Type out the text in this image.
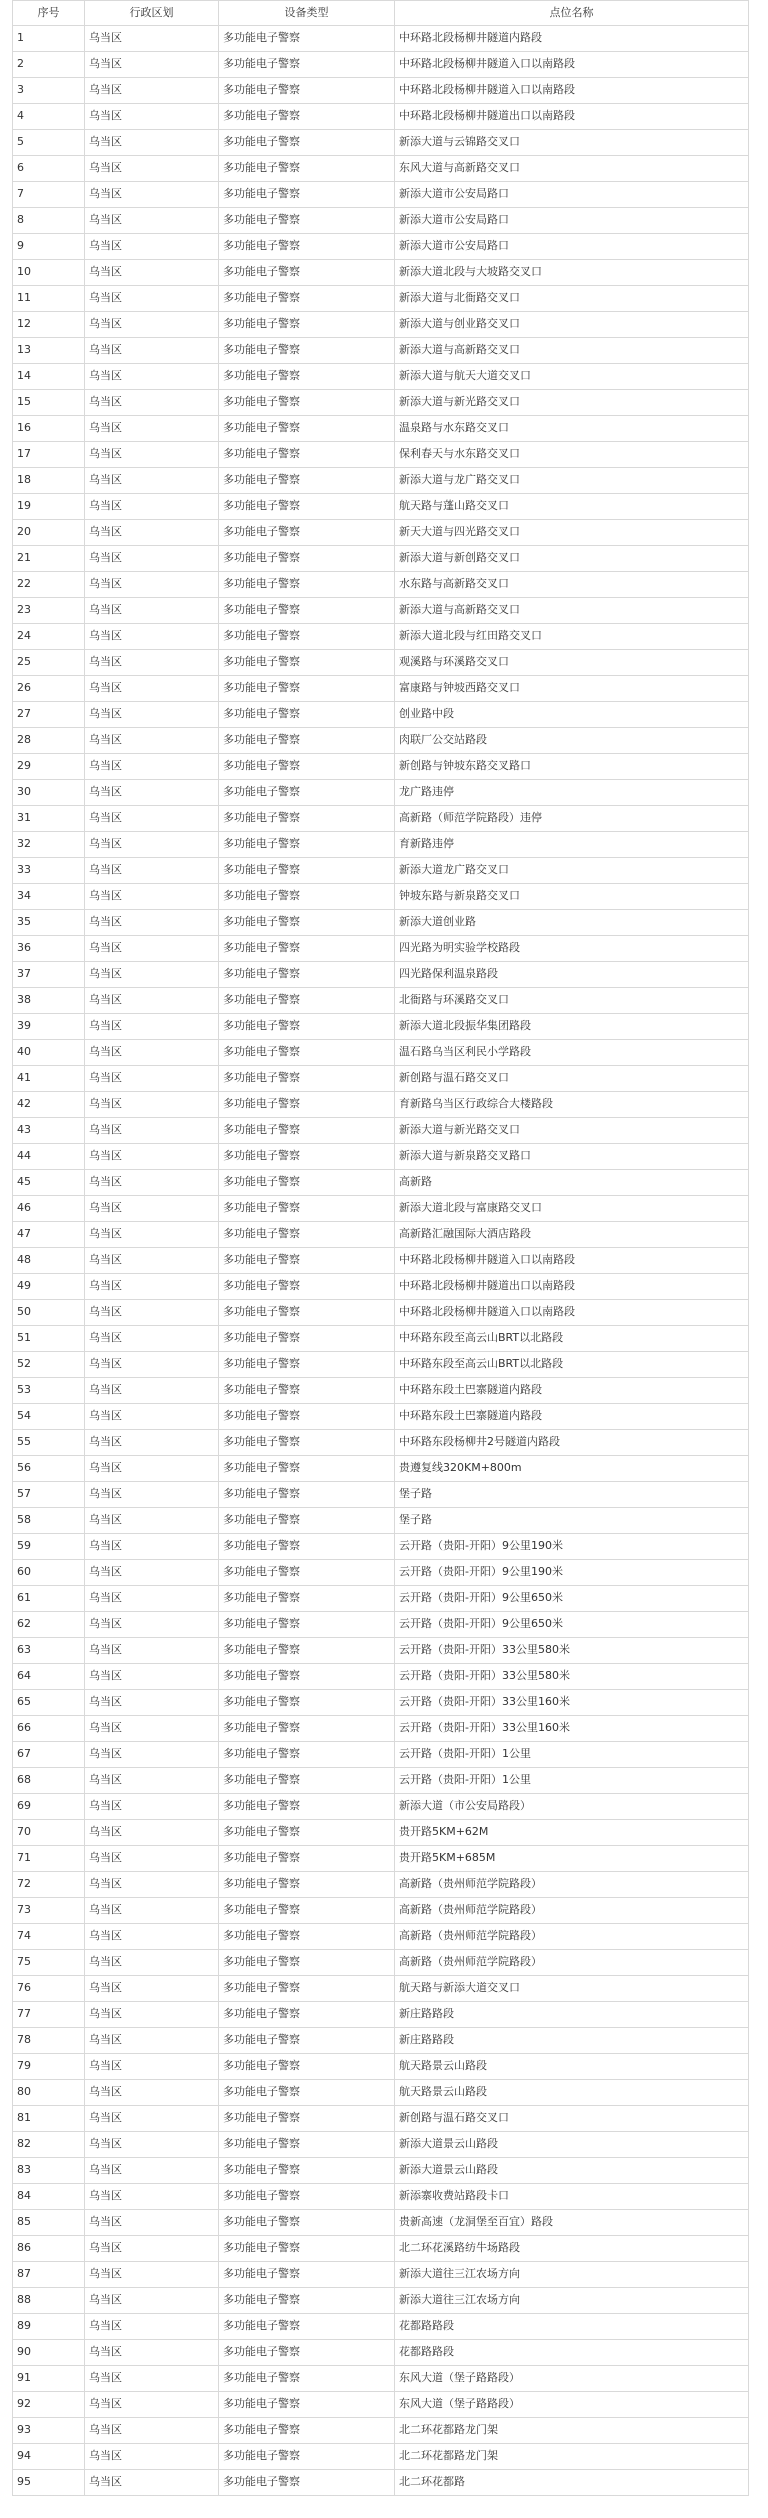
序号	行政区划	设备类型	点位名称
1	乌当区	多功能电子警察	中环路北段杨柳井隧道内路段
2	乌当区	多功能电子警察	中环路北段杨柳井隧道入口以南路段
3	乌当区	多功能电子警察	中环路北段杨柳井隧道入口以南路段
4	乌当区	多功能电子警察	中环路北段杨柳井隧道出口以南路段
5	乌当区	多功能电子警察	新添大道与云锦路交叉口
6	乌当区	多功能电子警察	东风大道与高新路交叉口
7	乌当区	多功能电子警察	新添大道市公安局路口
8	乌当区	多功能电子警察	新添大道市公安局路口
9	乌当区	多功能电子警察	新添大道市公安局路口
10	乌当区	多功能电子警察	新添大道北段与大坡路交叉口
11	乌当区	多功能电子警察	新添大道与北衙路交叉口
12	乌当区	多功能电子警察	新添大道与创业路交叉口
13	乌当区	多功能电子警察	新添大道与高新路交叉口
14	乌当区	多功能电子警察	新添大道与航天大道交叉口
15	乌当区	多功能电子警察	新添大道与新光路交叉口
16	乌当区	多功能电子警察	温泉路与水东路交叉口
17	乌当区	多功能电子警察	保利春天与水东路交叉口
18	乌当区	多功能电子警察	新添大道与龙广路交叉口
19	乌当区	多功能电子警察	航天路与蓬山路交叉口
20	乌当区	多功能电子警察	新天大道与四光路交叉口
21	乌当区	多功能电子警察	新添大道与新创路交叉口
22	乌当区	多功能电子警察	水东路与高新路交叉口
23	乌当区	多功能电子警察	新添大道与高新路交叉口
24	乌当区	多功能电子警察	新添大道北段与红田路交叉口
25	乌当区	多功能电子警察	观溪路与环溪路交叉口
26	乌当区	多功能电子警察	富康路与钟坡西路交叉口
27	乌当区	多功能电子警察	创业路中段
28	乌当区	多功能电子警察	肉联厂公交站路段
29	乌当区	多功能电子警察	新创路与钟坡东路交叉路口
30	乌当区	多功能电子警察	龙广路违停
31	乌当区	多功能电子警察	高新路（师范学院路段）违停
32	乌当区	多功能电子警察	育新路违停
33	乌当区	多功能电子警察	新添大道龙广路交叉口
34	乌当区	多功能电子警察	钟坡东路与新泉路交叉口
35	乌当区	多功能电子警察	新添大道创业路
36	乌当区	多功能电子警察	四光路为明实验学校路段
37	乌当区	多功能电子警察	四光路保利温泉路段
38	乌当区	多功能电子警察	北衙路与环溪路交叉口
39	乌当区	多功能电子警察	新添大道北段振华集团路段
40	乌当区	多功能电子警察	温石路乌当区利民小学路段
41	乌当区	多功能电子警察	新创路与温石路交叉口
42	乌当区	多功能电子警察	育新路乌当区行政综合大楼路段
43	乌当区	多功能电子警察	新添大道与新光路交叉口
44	乌当区	多功能电子警察	新添大道与新泉路交叉路口
45	乌当区	多功能电子警察	高新路
46	乌当区	多功能电子警察	新添大道北段与富康路交叉口
47	乌当区	多功能电子警察	高新路汇融国际大酒店路段
48	乌当区	多功能电子警察	中环路北段杨柳井隧道入口以南路段
49	乌当区	多功能电子警察	中环路北段杨柳井隧道出口以南路段
50	乌当区	多功能电子警察	中环路北段杨柳井隧道入口以南路段
51	乌当区	多功能电子警察	中环路东段至高云山BRT以北路段
52	乌当区	多功能电子警察	中环路东段至高云山BRT以北路段
53	乌当区	多功能电子警察	中环路东段土巴寨隧道内路段
54	乌当区	多功能电子警察	中环路东段土巴寨隧道内路段
55	乌当区	多功能电子警察	中环路东段杨柳井2号隧道内路段
56	乌当区	多功能电子警察	贵遵复线320KM+800m
57	乌当区	多功能电子警察	堡子路
58	乌当区	多功能电子警察	堡子路
59	乌当区	多功能电子警察	云开路（贵阳-开阳）9公里190米
60	乌当区	多功能电子警察	云开路（贵阳-开阳）9公里190米
61	乌当区	多功能电子警察	云开路（贵阳-开阳）9公里650米
62	乌当区	多功能电子警察	云开路（贵阳-开阳）9公里650米
63	乌当区	多功能电子警察	云开路（贵阳-开阳）33公里580米
64	乌当区	多功能电子警察	云开路（贵阳-开阳）33公里580米
65	乌当区	多功能电子警察	云开路（贵阳-开阳）33公里160米
66	乌当区	多功能电子警察	云开路（贵阳-开阳）33公里160米
67	乌当区	多功能电子警察	云开路（贵阳-开阳）1公里
68	乌当区	多功能电子警察	云开路（贵阳-开阳）1公里
69	乌当区	多功能电子警察	新添大道（市公安局路段）
70	乌当区	多功能电子警察	贵开路5KM+62M
71	乌当区	多功能电子警察	贵开路5KM+685M
72	乌当区	多功能电子警察	高新路（贵州师范学院路段）
73	乌当区	多功能电子警察	高新路（贵州师范学院路段）
74	乌当区	多功能电子警察	高新路（贵州师范学院路段）
75	乌当区	多功能电子警察	高新路（贵州师范学院路段）
76	乌当区	多功能电子警察	航天路与新添大道交叉口
77	乌当区	多功能电子警察	新庄路路段
78	乌当区	多功能电子警察	新庄路路段
79	乌当区	多功能电子警察	航天路景云山路段
80	乌当区	多功能电子警察	航天路景云山路段
81	乌当区	多功能电子警察	新创路与温石路交叉口
82	乌当区	多功能电子警察	新添大道景云山路段
83	乌当区	多功能电子警察	新添大道景云山路段
84	乌当区	多功能电子警察	新添寨收费站路段卡口
85	乌当区	多功能电子警察	贵新高速（龙洞堡至百宜）路段
86	乌当区	多功能电子警察	北二环花溪路纺牛场路段
87	乌当区	多功能电子警察	新添大道往三江农场方向
88	乌当区	多功能电子警察	新添大道往三江农场方向
89	乌当区	多功能电子警察	花都路路段
90	乌当区	多功能电子警察	花都路路段
91	乌当区	多功能电子警察	东风大道（堡子路路段）
92	乌当区	多功能电子警察	东风大道（堡子路路段）
93	乌当区	多功能电子警察	北二环花都路龙门架
94	乌当区	多功能电子警察	北二环花都路龙门架
95	乌当区	多功能电子警察	北二环花都路
